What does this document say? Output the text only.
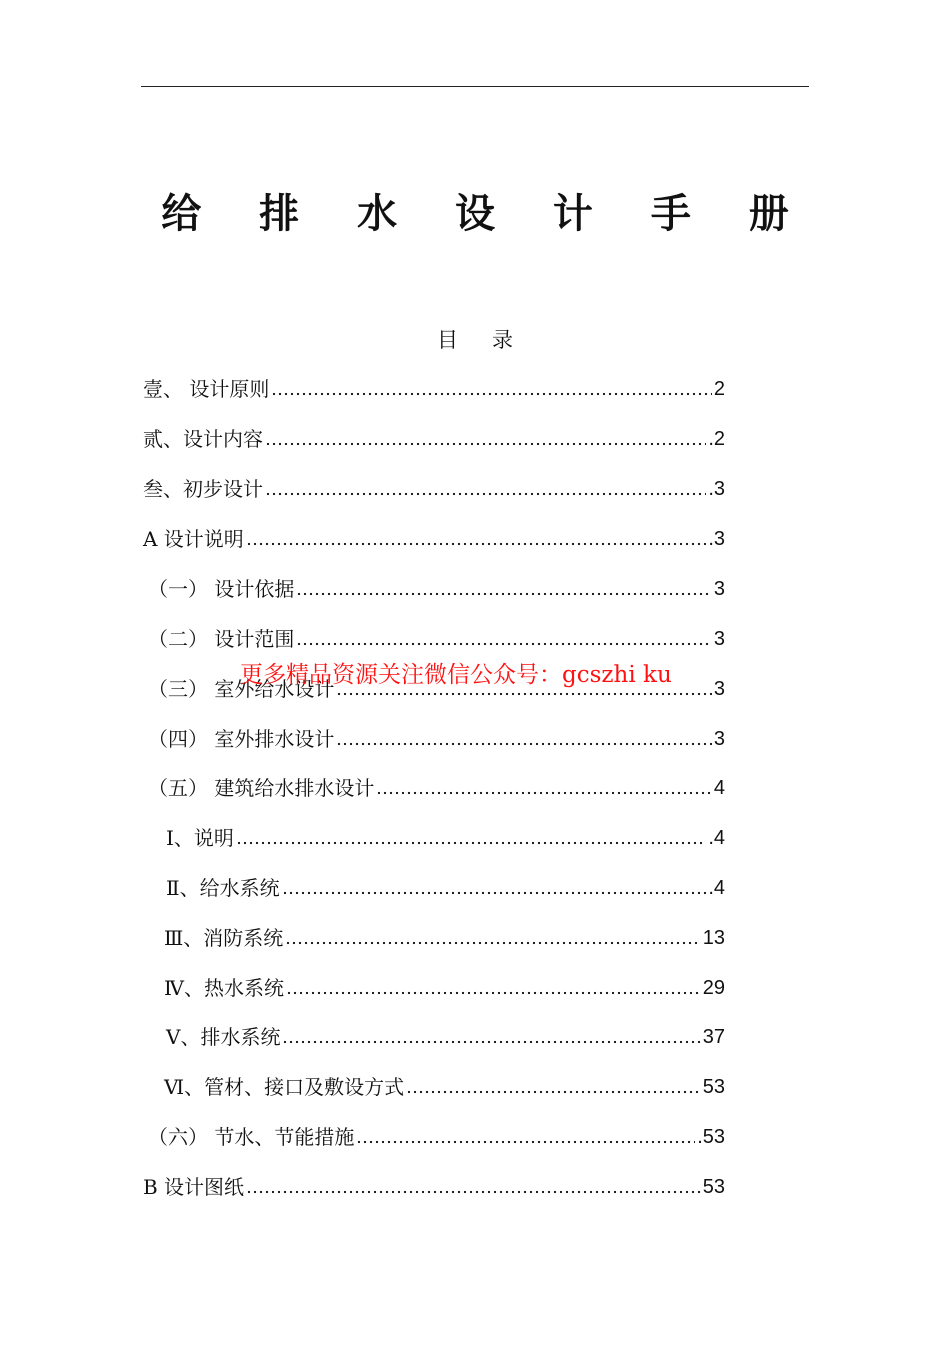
给 排 水 设 计 手 册
目录
壹、 设计原则	2
贰、设计内容	.2
叁、初步设计	.3
A 设计说明	.3
（一） 设计依据	3
（二） 设计范围	3
（三） 室外给水设计	3
（四） 室外排水设计	3
（五） 建筑给水排水设计	4
Ⅰ、说明	.4
Ⅱ、给水系统	.4
Ⅲ、消防系统	13
Ⅳ、热水系统	29
Ⅴ、排水系统	37
Ⅵ、管材、接口及敷设方式	53
（六） 节水、节能措施	.53
B 设计图纸	53
更多精品资源关注微信公众号：gcszhi ku
